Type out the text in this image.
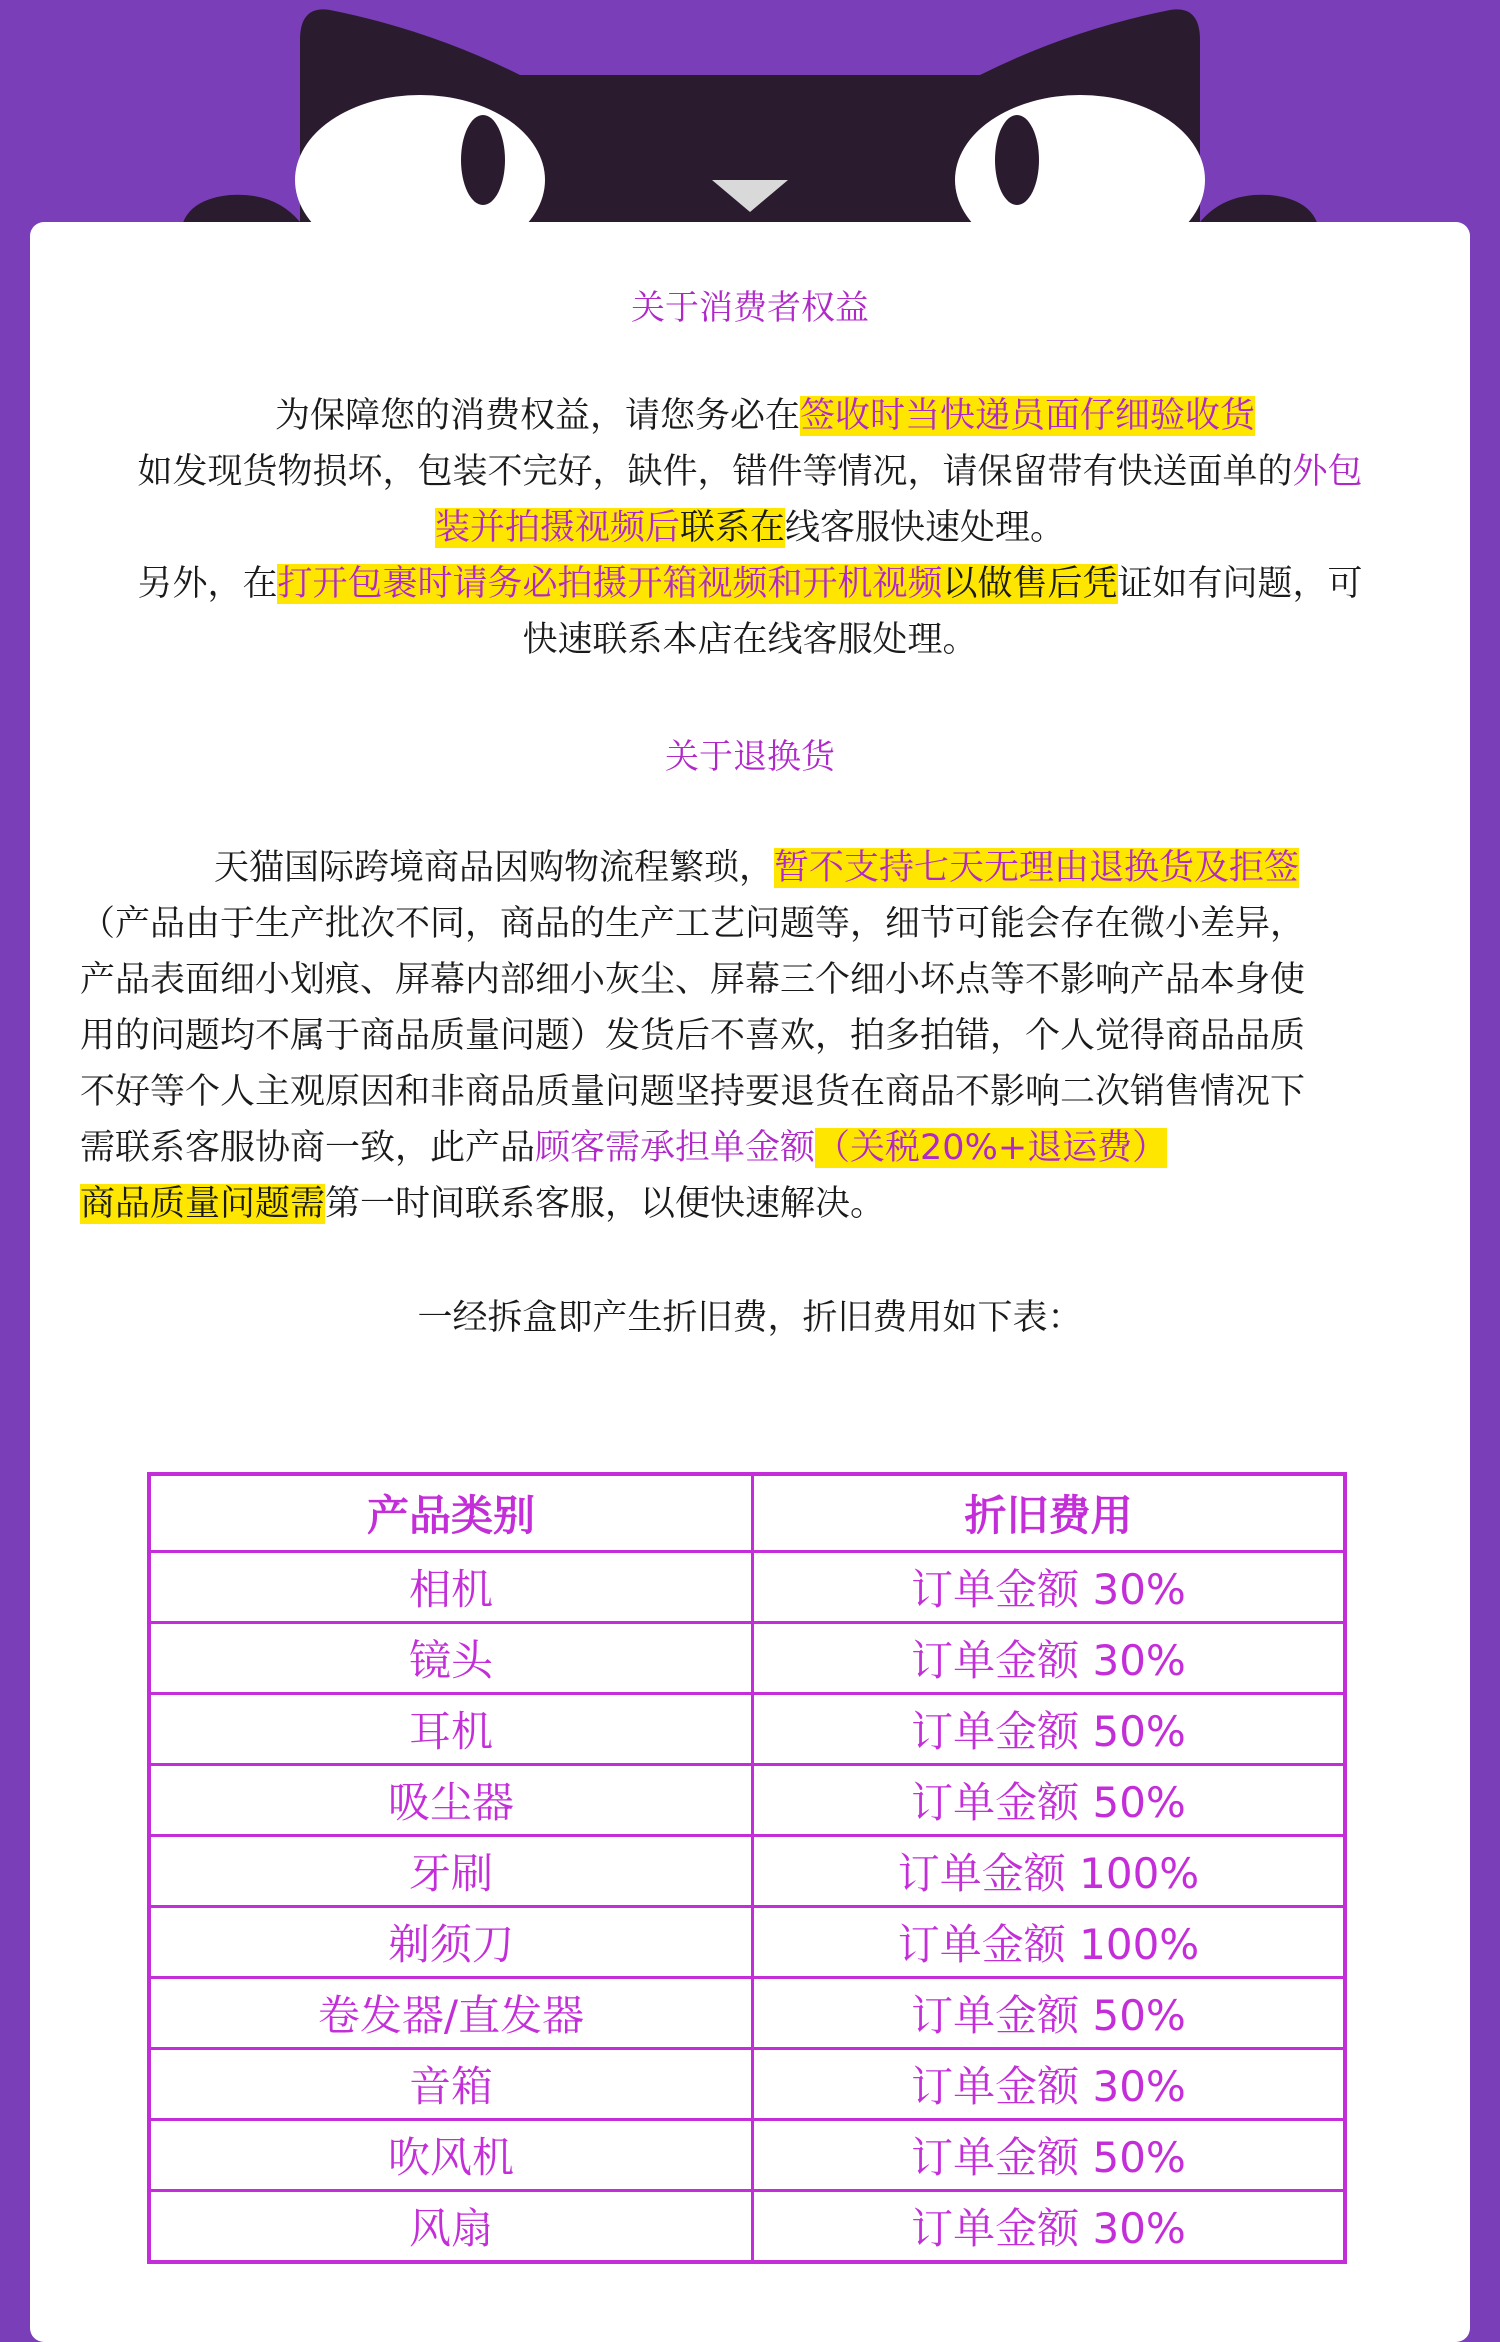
关于消费者权益

为保障您的消费权益，请您务必在签收时当快递员面仔细验收货

如发现货物损坏，包装不完好，缺件，错件等情况，请保留带有快送面单的外包

装并拍摄视频后联系在线客服快速处理。

另外，在打开包裹时请务必拍摄开箱视频和开机视频以做售后凭证如有问题，可

快速联系本店在线客服处理。

关于退换货

天猫国际跨境商品因购物流程繁琐，暂不支持七天无理由退换货及拒签

（产品由于生产批次不同，商品的生产工艺问题等，细节可能会存在微小差异，

产品表面细小划痕、屏幕内部细小灰尘、屏幕三个细小坏点等不影响产品本身使

用的问题均不属于商品质量问题）发货后不喜欢，拍多拍错，个人觉得商品品质

不好等个人主观原因和非商品质量问题坚持要退货在商品不影响二次销售情况下

需联系客服协商一致，此产品顾客需承担单金额（关税20%+退运费）

商品质量问题需第一时间联系客服，以便快速解决。

一经拆盒即产生折旧费，折旧费用如下表：
产品类别	折旧费用
相机	订单金额 30%
镜头	订单金额 30%
耳机	订单金额 50%
吸尘器	订单金额 50%
牙刷	订单金额 100%
剃须刀	订单金额 100%
卷发器/直发器	订单金额 50%
音箱	订单金额 30%
吹风机	订单金额 50%
风扇	订单金额 30%
